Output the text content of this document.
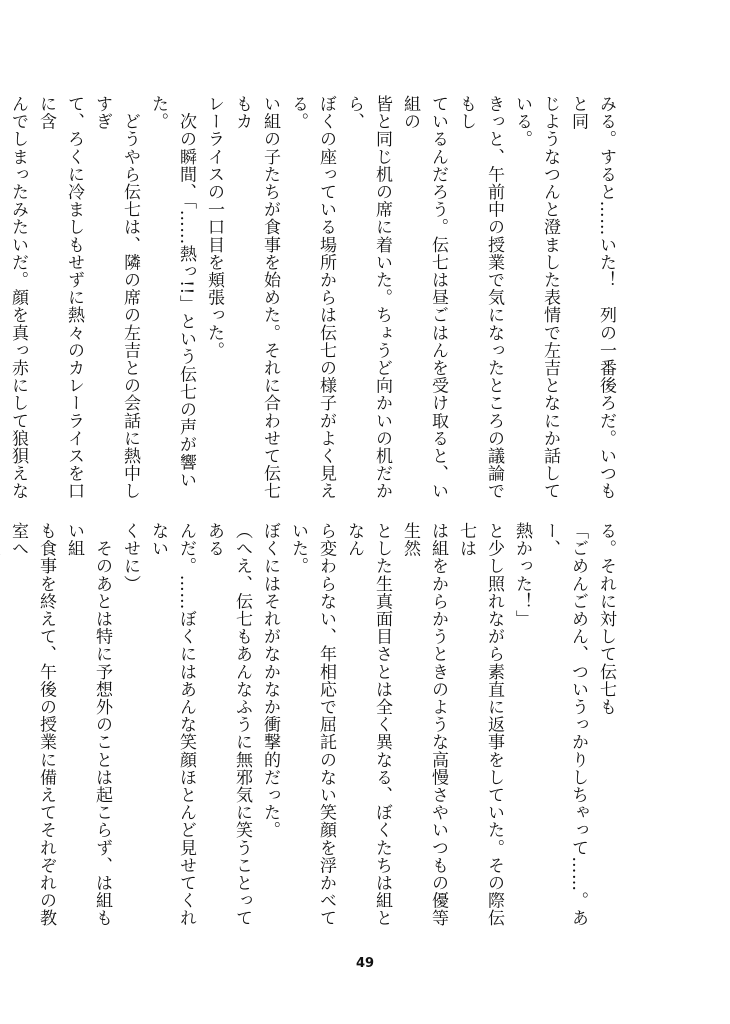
みる。すると……いた！　列の一番後ろだ。いつもと同

じようなつんと澄ました表情で左吉となにか話している。

きっと、午前中の授業で気になったところの議論でもし

ているんだろう。伝七は昼ごはんを受け取ると、い組の

皆と同じ机の席に着いた。ちょうど向かいの机だから、

ぼくの座っている場所からは伝七の様子がよく見える。

い組の子たちが食事を始めた。それに合わせて伝七もカ

レーライスの一口目を頬張った。

　次の瞬間、「……熱っ!!」という伝七の声が響いた。

　どうやら伝七は、隣の席の左吉との会話に熱中しすぎ

て、ろくに冷ましもせずに熱々のカレーライスを口に含

んでしまったみたいだ。顔を真っ赤にして狼狽えな

る。それに対して伝七も

「ごめんごめん、ついうっかりしちゃって……。あー、

熱かった！」

と少し照れながら素直に返事をしていた。その際伝七は

は組をからかうときのような高慢さやいつもの優等生然

とした生真面目さとは全く異なる、ぼくたちは組となん

ら変わらない、年相応で屈託のない笑顔を浮かべていた。

ぼくにはそれがなかなか衝撃的だった。

（へえ、伝七もあんなふうに無邪気に笑うことってある

んだ。……ぼくにはあんな笑顔ほとんど見せてくれない

くせに）

　そのあとは特に予想外のことは起こらず、は組もい組

も食事を終えて、午後の授業に備えてそれぞれの教室へ

49
